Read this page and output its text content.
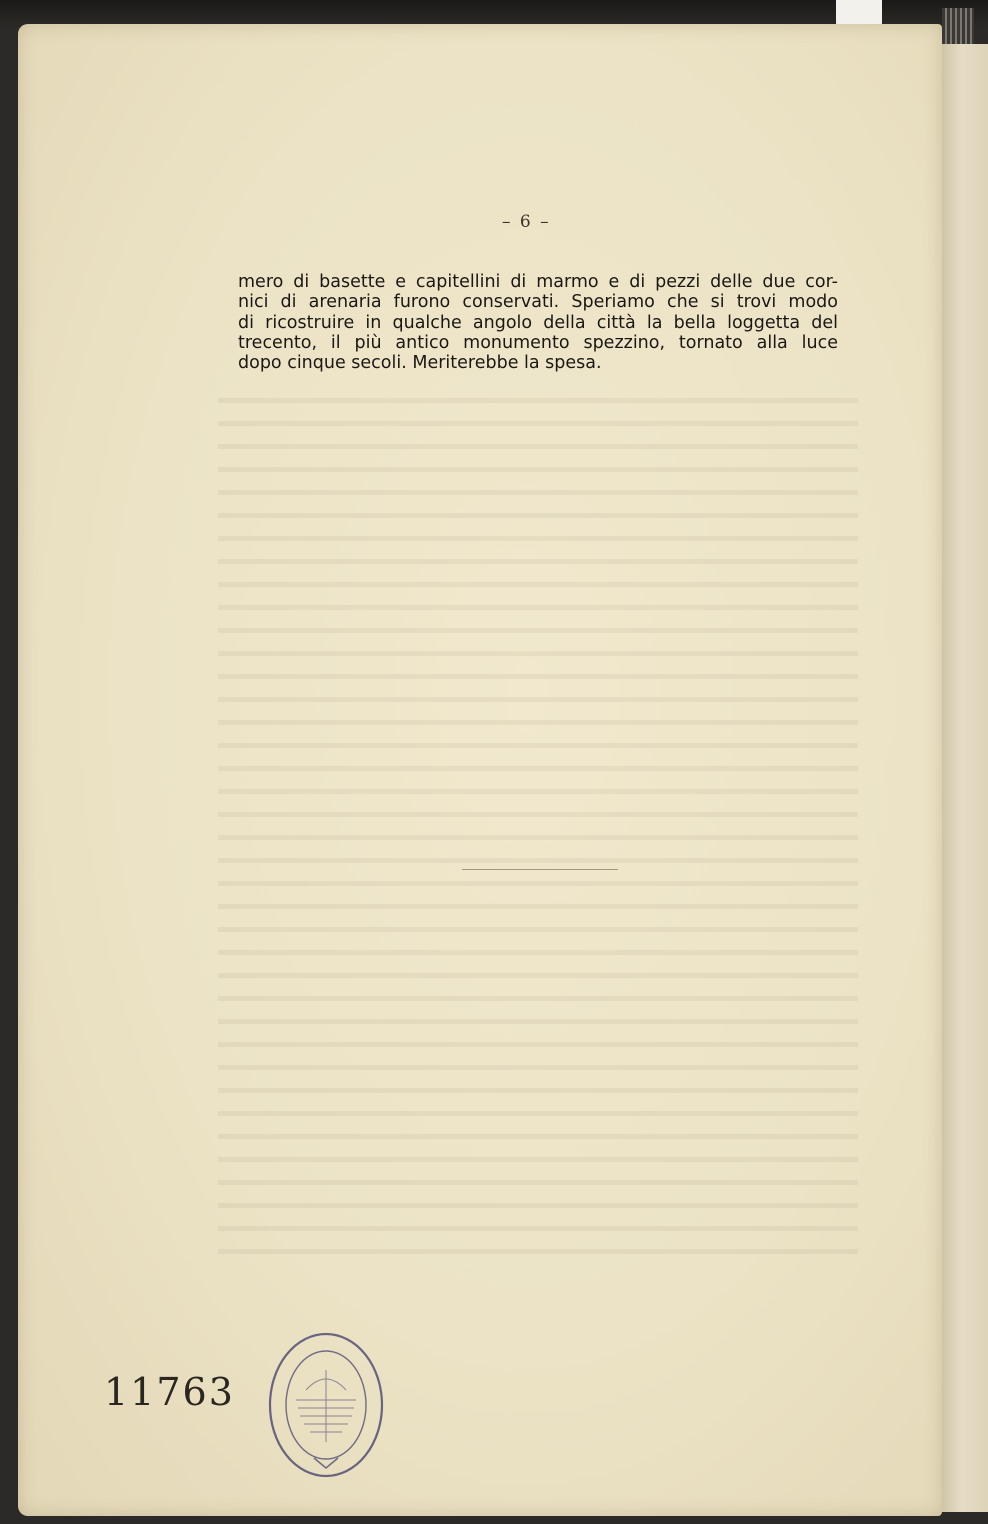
– 6 –
mero di basette e capitellini di marmo e di pezzi delle due cor-
nici di arenaria furono conservati. Speriamo che si trovi modo
di ricostruire in qualche angolo della città la bella loggetta del
trecento, il più antico monumento spezzino, tornato alla luce
dopo cinque secoli. Meriterebbe la spesa.
11763
